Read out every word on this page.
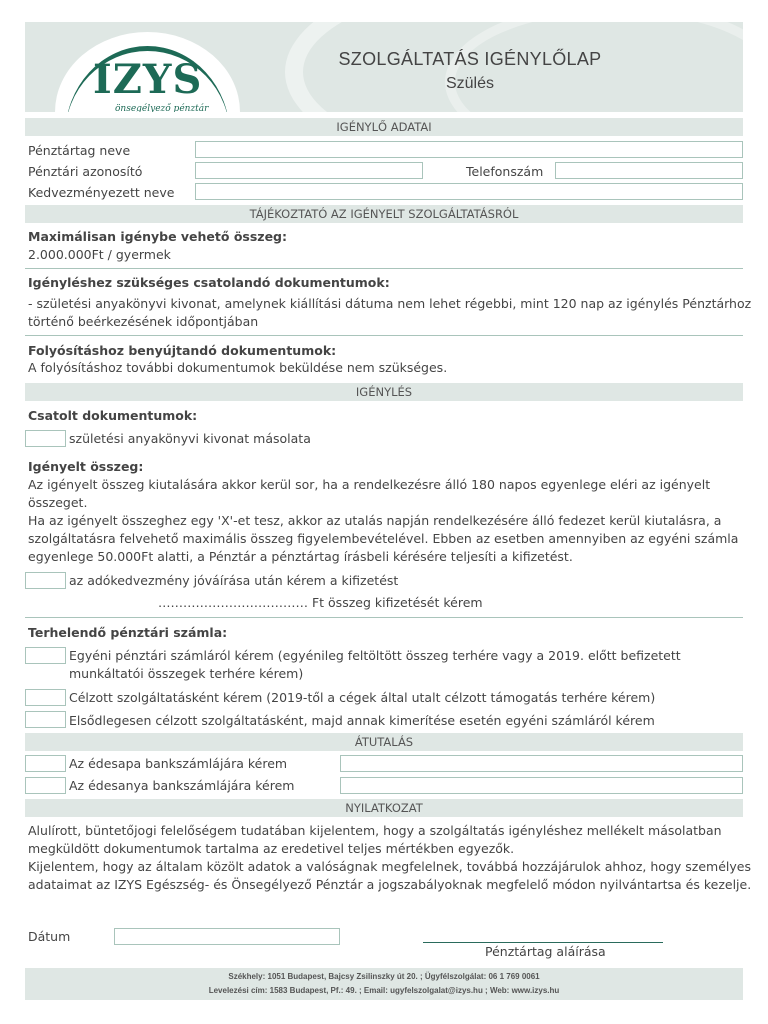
IZYS
önsegélyező pénztár
SZOLGÁLTATÁS IGÉNYLŐLAP
Szülés
IGÉNYLŐ ADATAI
Pénztártag neve
Pénztári azonosító	Telefonszám
Kedvezményezett neve
TÁJÉKOZTATÓ AZ IGÉNYELT SZOLGÁLTATÁSRÓL
Maximálisan igénybe vehető összeg:
2.000.000Ft / gyermek
Igényléshez szükséges csatolandó dokumentumok:
- születési anyakönyvi kivonat, amelynek kiállítási dátuma nem lehet régebbi, mint 120 nap az igénylés Pénztárhoz
történő beérkezésének időpontjában
Folyósításhoz benyújtandó dokumentumok:
A folyósításhoz további dokumentumok beküldése nem szükséges.
IGÉNYLÉS
Csatolt dokumentumok:
születési anyakönyvi kivonat másolata
Igényelt összeg:
Az igényelt összeg kiutalására akkor kerül sor, ha a rendelkezésre álló 180 napos egyenlege eléri az igényelt
összeget.
Ha az igényelt összeghez egy 'X'-et tesz, akkor az utalás napján rendelkezésére álló fedezet kerül kiutalásra, a
szolgáltatásra felvehető maximális összeg figyelembevételével. Ebben az esetben amennyiben az egyéni számla
egyenlege 50.000Ft alatti, a Pénztár a pénztártag írásbeli kérésére teljesíti a kifizetést.
az adókedvezmény jóváírása után kérem a kifizetést
……………………………… Ft összeg kifizetését kérem
Terhelendő pénztári számla:
Egyéni pénztári számláról kérem (egyénileg feltöltött összeg terhére vagy a 2019. előtt befizetett
munkáltatói összegek terhére kérem)
Célzott szolgáltatásként kérem (2019-től a cégek által utalt célzott támogatás terhére kérem)
Elsődlegesen célzott szolgáltatásként, majd annak kimerítése esetén egyéni számláról kérem
ÁTUTALÁS
Az édesapa bankszámlájára kérem
Az édesanya bankszámlájára kérem
NYILATKOZAT
Alulírott, büntetőjogi felelőségem tudatában kijelentem, hogy a szolgáltatás igényléshez mellékelt másolatban
megküldött dokumentumok tartalma az eredetivel teljes mértékben egyezők.
Kijelentem, hogy az általam közölt adatok a valóságnak megfelelnek, továbbá hozzájárulok ahhoz, hogy személyes
adataimat az IZYS Egészség- és Önsegélyező Pénztár a jogszabályoknak megfelelő módon nyilvántartsa és kezelje.
Dátum
Pénztártag aláírása
Székhely: 1051 Budapest, Bajcsy Zsilinszky út 20. ; Ügyfélszolgálat: 06 1 769 0061
Levelezési cím: 1583 Budapest, Pf.: 49. ; Email: ugyfelszolgalat@izys.hu ; Web: www.izys.hu
